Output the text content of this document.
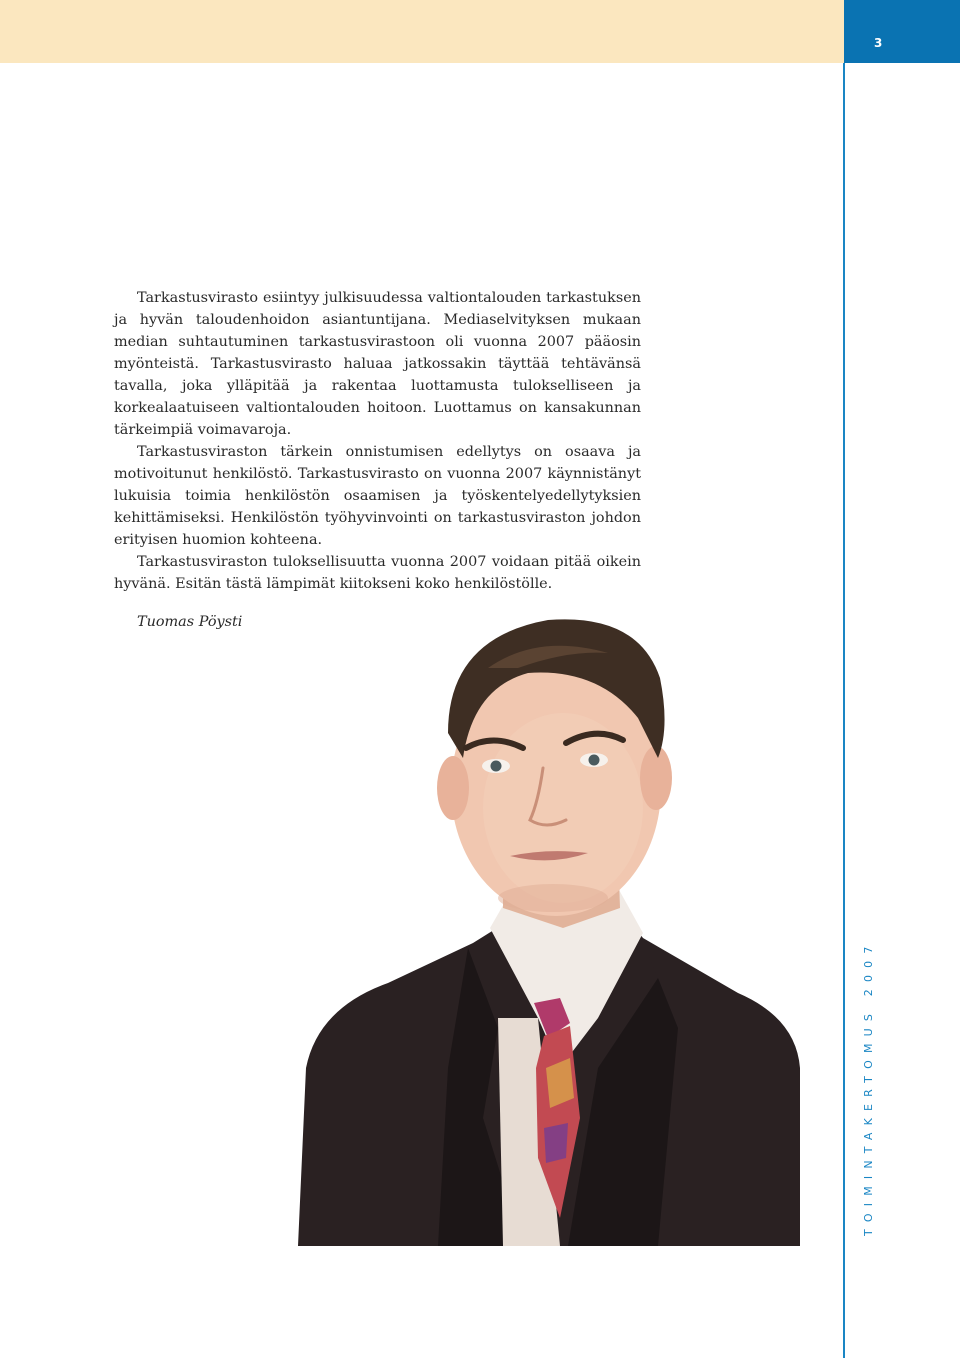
3
TOIMINTAKERTOMUS 2007

Tarkastusvirasto esiintyy julkisuudessa valtiontalouden tarkastuksen ja hyvän taloudenhoidon asiantuntijana. Mediaselvityksen mukaan median suhtautuminen tarkastusvirastoon oli vuonna 2007 pääosin myönteistä. Tarkastusvirasto haluaa jatkossakin täyttää tehtävänsä tavalla, joka ylläpitää ja rakentaa luottamusta tulokselliseen ja korkealaatuiseen valtiontalouden hoitoon. Luottamus on kansakunnan tärkeimpiä voimavaroja.

Tarkastusviraston tärkein onnistumisen edellytys on osaava ja motivoitunut henkilöstö. Tarkastusvirasto on vuonna 2007 käynnistänyt lukuisia toimia henkilöstön osaamisen ja työskentelyedellytyksien kehittämiseksi. Henkilöstön työhyvinvointi on tarkastusviraston johdon erityisen huomion kohteena.

Tarkastusviraston tuloksellisuutta vuonna 2007 voidaan pitää oikein hyvänä. Esitän tästä lämpimät kiitokseni koko henkilöstölle.

Tuomas Pöysti
